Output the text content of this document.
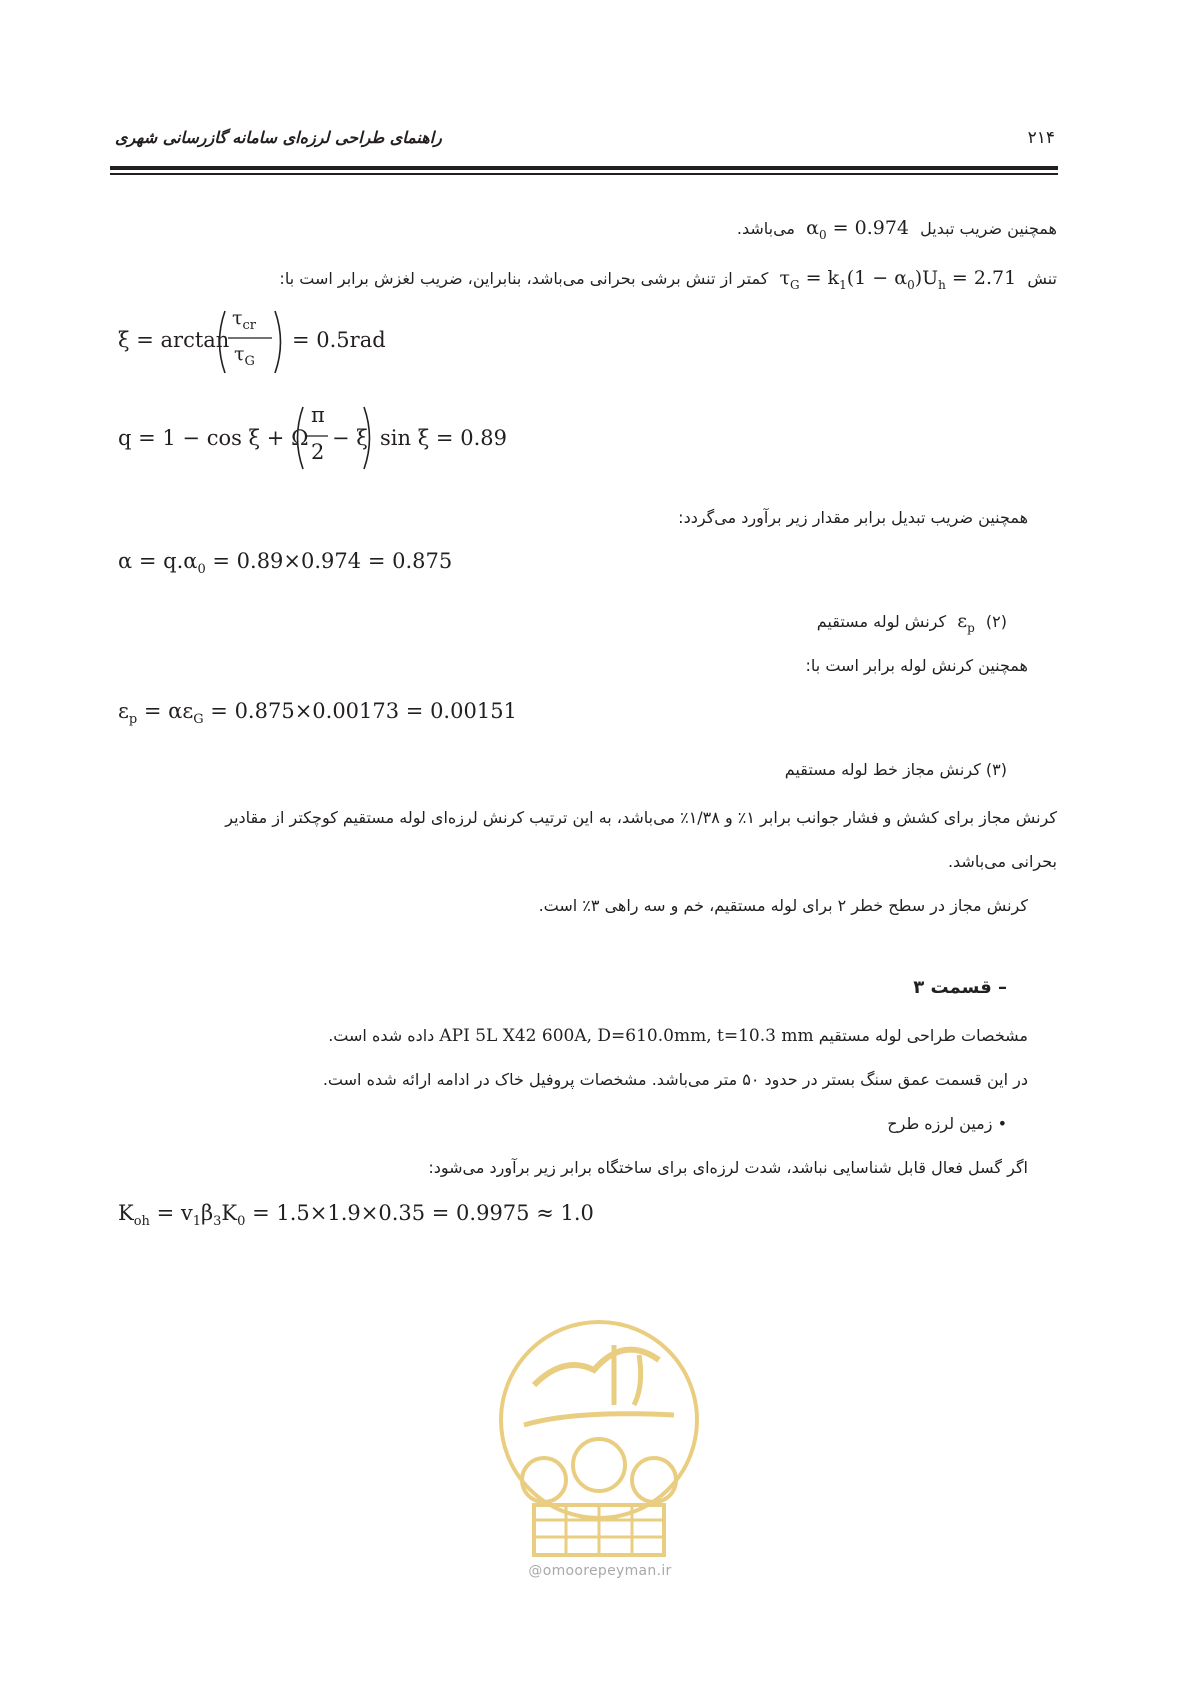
راهنمای طراحی لرزه‌ای سامانه گازرسانی شهری	۲۱۴
همچنین ضریب تبدیل  $\alpha_0 = 0.974$  می‌باشد.
تنش  $\tau_G = k_1(1 - \alpha_0)U_h = 2.71$  کمتر از تنش برشی بحرانی می‌باشد، بنابراین، ضریب لغزش برابر است با:
ξ = arctan
$\tau_{cr}$
$\tau_G$
= 0.5rad
q = 1 − cos ξ + Ω
π
2
− ξ sin ξ = 0.89
همچنین ضریب تبدیل برابر مقدار زیر برآورد می‌گردد:
$\alpha = q.\alpha_0 = 0.89\times 0.974 = 0.875$
(۲)  $\varepsilon_p$  کرنش لوله مستقیم
همچنین کرنش لوله برابر است با:
$\varepsilon_p = \alpha\varepsilon_G = 0.875\times 0.00173 = 0.00151$
(۳) کرنش مجاز خط لوله مستقیم
کرنش مجاز برای کشش و فشار جوانب برابر ۱٪ و ۱/۳۸٪ می‌باشد، به این ترتیب کرنش لرزه‌ای لوله مستقیم کوچکتر از مقادیر
بحرانی می‌باشد.
کرنش مجاز در سطح خطر ۲ برای لوله مستقیم، خم و سه راهی ۳٪ است.
– قسمت ۳
مشخصات طراحی لوله مستقیم API 5L X42 600A, D=610.0mm, t=10.3 mm داده شده است.
در این قسمت عمق سنگ بستر در حدود ۵۰ متر می‌باشد. مشخصات پروفیل خاک در ادامه ارائه شده است.
• زمین لرزه طرح
اگر گسل فعال قابل شناسایی نباشد، شدت لرزه‌ای برای ساختگاه برابر زیر برآورد می‌شود:
$K_{oh} = v_1\beta_3K_0 = 1.5\times 1.9\times 0.35 = 0.9975 \approx 1.0$
@omoorepeyman.ir
